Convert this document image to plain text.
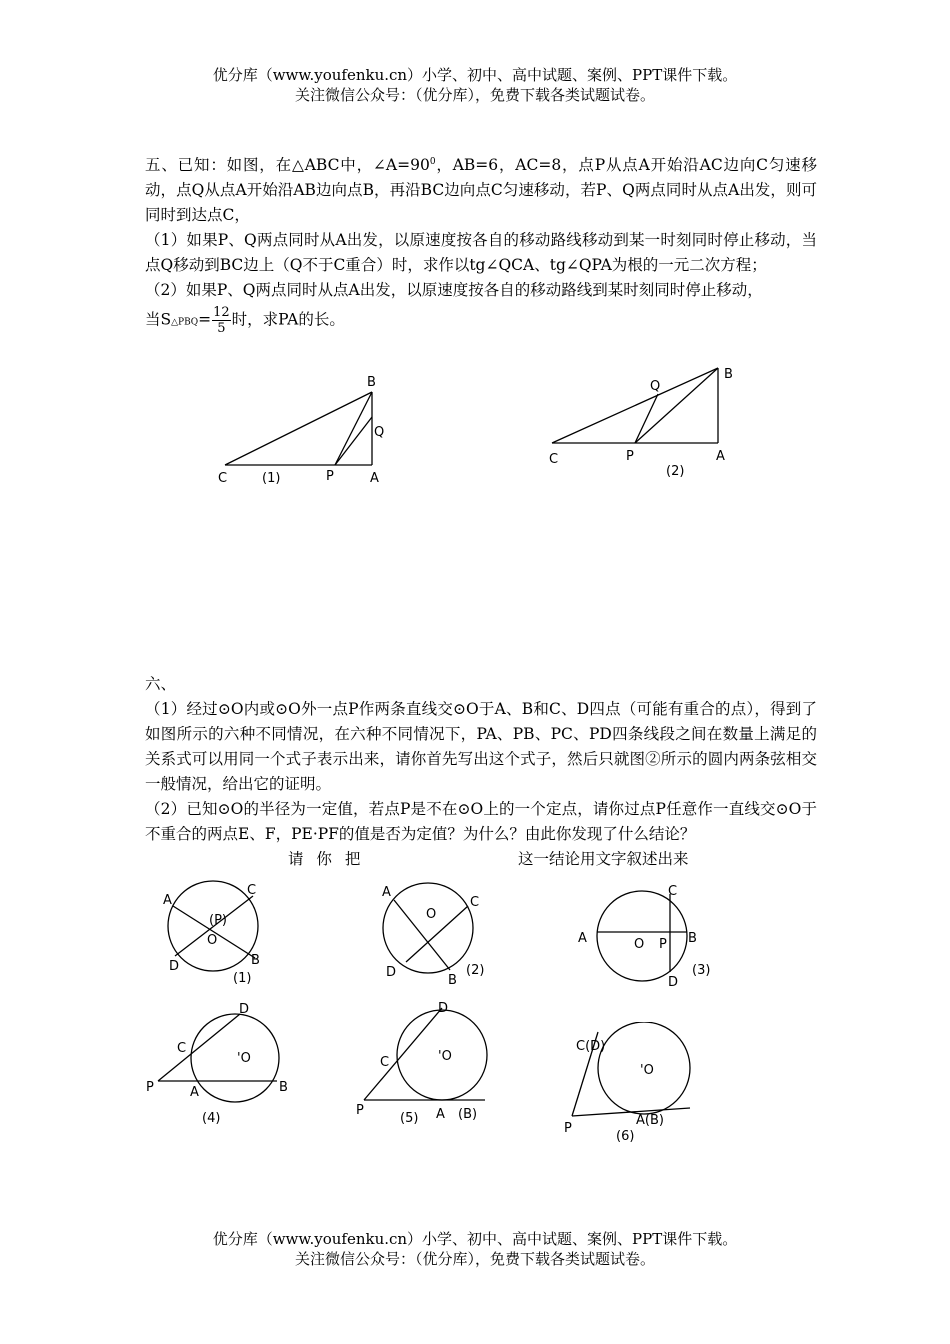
优分库（www.youfenku.cn）小学、初中、高中试题、案例、PPT课件下载。
关注微信公众号：（优分库），免费下载各类试题试卷。

五、已知：如图，在△ABC中，$\angle A=90^0$，AB=6，AC=8，点P从点A开始沿AC边向C匀速移动，点Q从点A开始沿AB边向点B，再沿BC边向点C匀速移动，若P、Q两点同时从点A出发，则可同时到达点C，

（1）如果P、Q两点同时从A出发，以原速度按各自的移动路线移动到某一时刻同时停止移动，当点Q移动到BC边上（Q不于C重合）时，求作以tg∠QCA、tg∠QPA为根的一元二次方程；

（2）如果P、Q两点同时从点A出发，以原速度按各自的移动路线到某时刻同时停止移动，

当S△PBQ= $\frac{12}{5}$ 时，求PA的长。

C	(1)	P	A
B
Q
C	P	A
B
Q
(2)

六、

（1）经过⊙O内或⊙O外一点P作两条直线交⊙O于A、B和C、D四点（可能有重合的点），得到了如图所示的六种不同情况，在六种不同情况下，PA、PB、PC、PD四条线段之间在数量上满足的关系式可以用同一个式子表示出来，请你首先写出这个式子，然后只就图②所示的圆内两条弦相交一般情况，给出它的证明。

（2）已知⊙O的半径为一定值，若点P是不在⊙O上的一个定点，请你过点P任意作一直线交⊙O于不重合的两点E、F，PE·PF的值是否为定值？为什么？由此你发现了什么结论？

请 你 把	这一结论用文字叙述出来
A
C
(P)
O
D	B
(1)
A
C
O
D
B
(2)
A
C
O P B
D
(3)
D
C
'O
P	A	B
(4)
D
C	'O
P	A (B)
(5)
C(D)
'O
P
A(B)
(6)
优分库（www.youfenku.cn）小学、初中、高中试题、案例、PPT课件下载。
关注微信公众号：（优分库），免费下载各类试题试卷。
